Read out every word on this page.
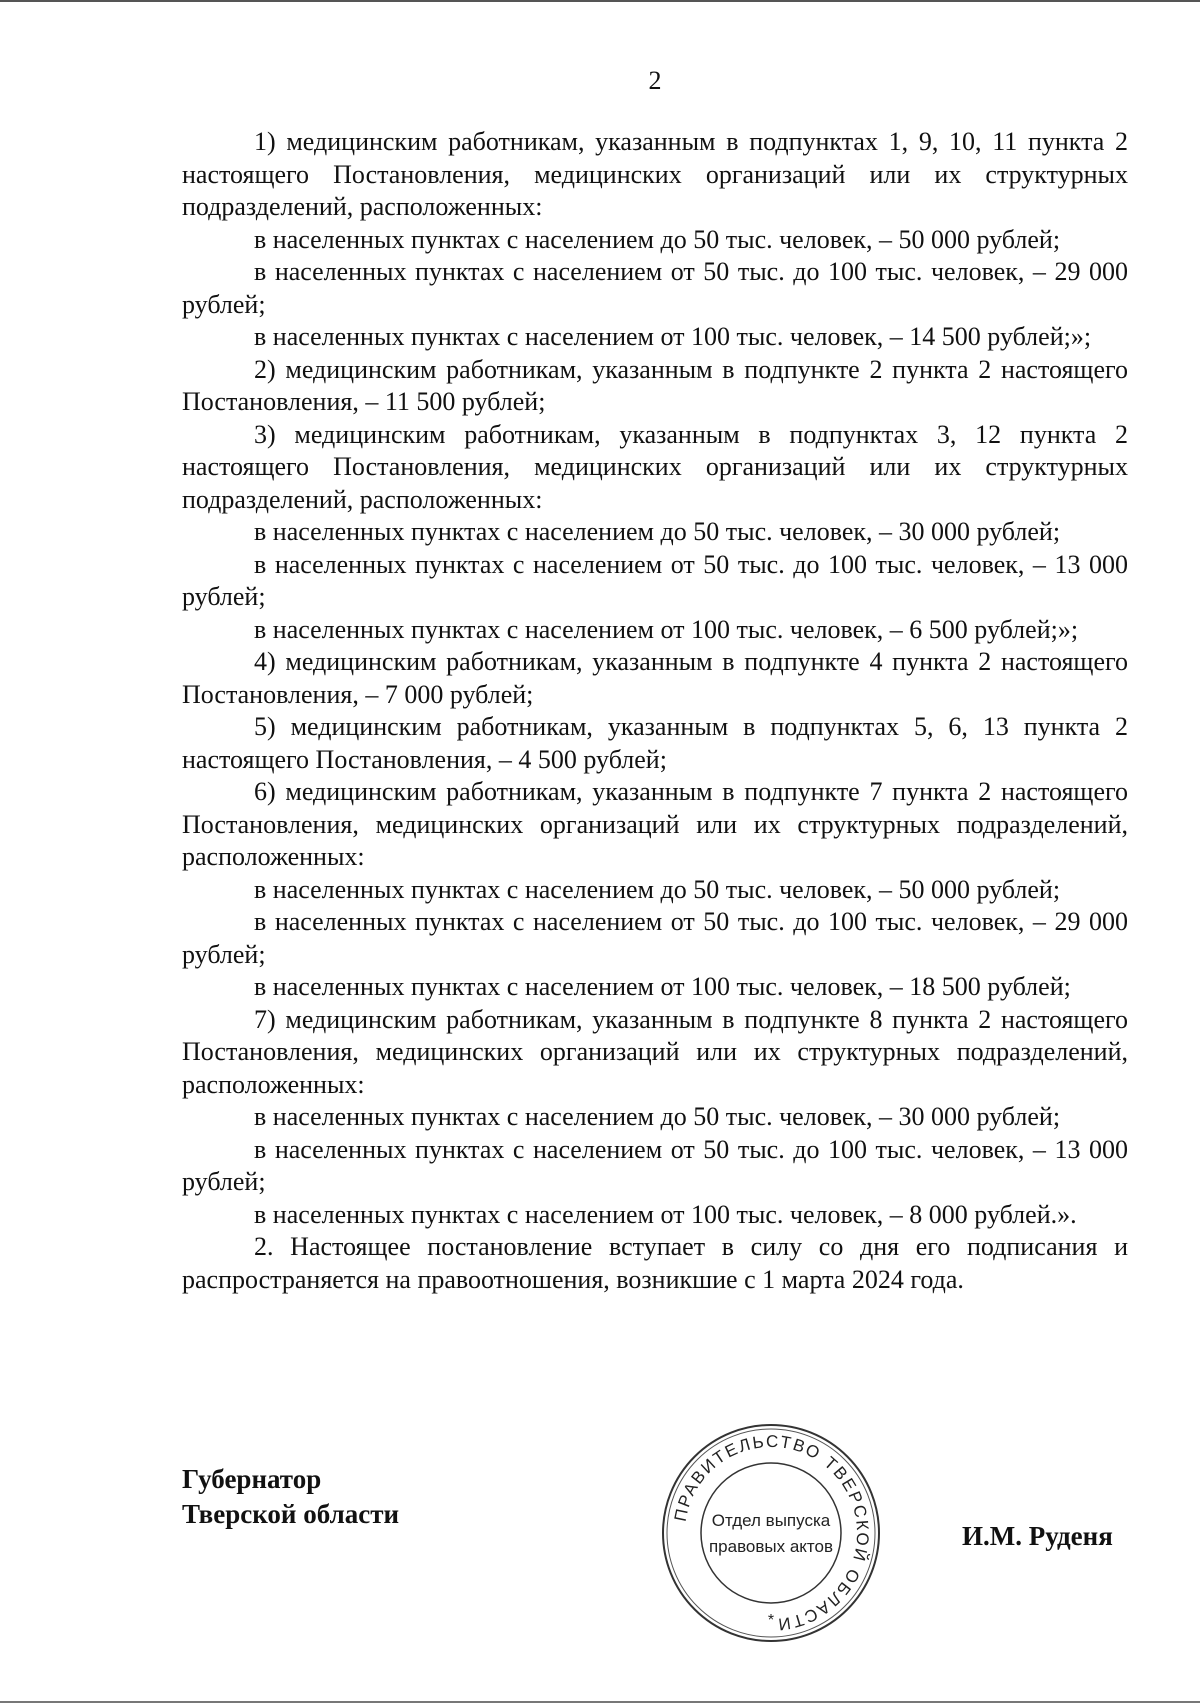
2

1) медицинским работникам, указанным в подпунктах 1, 9, 10, 11 пункта 2 настоящего Постановления, медицинских организаций или их структурных подразделений, расположенных:

в населенных пунктах с населением до 50 тыс. человек, – 50 000 рублей;

в населенных пунктах с населением от 50 тыс. до 100 тыс. человек, – 29 000 рублей;

в населенных пунктах с населением от 100 тыс. человек, – 14 500 рублей;»;

2) медицинским работникам, указанным в подпункте 2 пункта 2 настоящего Постановления, – 11 500 рублей;

3) медицинским работникам, указанным в подпунктах 3, 12 пункта 2 настоящего Постановления, медицинских организаций или их структурных подразделений, расположенных:

в населенных пунктах с населением до 50 тыс. человек, – 30 000 рублей;

в населенных пунктах с населением от 50 тыс. до 100 тыс. человек, – 13 000 рублей;

в населенных пунктах с населением от 100 тыс. человек, – 6 500 рублей;»;

4) медицинским работникам, указанным в подпункте 4 пункта 2 настоящего Постановления, – 7 000 рублей;

5) медицинским работникам, указанным в подпунктах 5, 6, 13 пункта 2 настоящего Постановления, – 4 500 рублей;

6) медицинским работникам, указанным в подпункте 7 пункта 2 настоящего Постановления, медицинских организаций или их структурных подразделений, расположенных:

в населенных пунктах с населением до 50 тыс. человек, – 50 000 рублей;

в населенных пунктах с населением от 50 тыс. до 100 тыс. человек, – 29 000 рублей;

в населенных пунктах с населением от 100 тыс. человек, – 18 500 рублей;

7) медицинским работникам, указанным в подпункте 8 пункта 2 настоящего Постановления, медицинских организаций или их структурных подразделений, расположенных:

в населенных пунктах с населением до 50 тыс. человек, – 30 000 рублей;

в населенных пунктах с населением от 50 тыс. до 100 тыс. человек, – 13 000 рублей;

в населенных пунктах с населением от 100 тыс. человек, – 8 000 рублей.».

2. Настоящее постановление вступает в силу со дня его подписания и распространяется на правоотношения, возникшие с 1 марта 2024 года.

Губернатор
Тверской области	ПРАВИТЕЛЬСТВО ТВЕРСКОЙ ОБЛАСТИ
Отдел выпуска
правовых актов
*
И.М. Руденя
